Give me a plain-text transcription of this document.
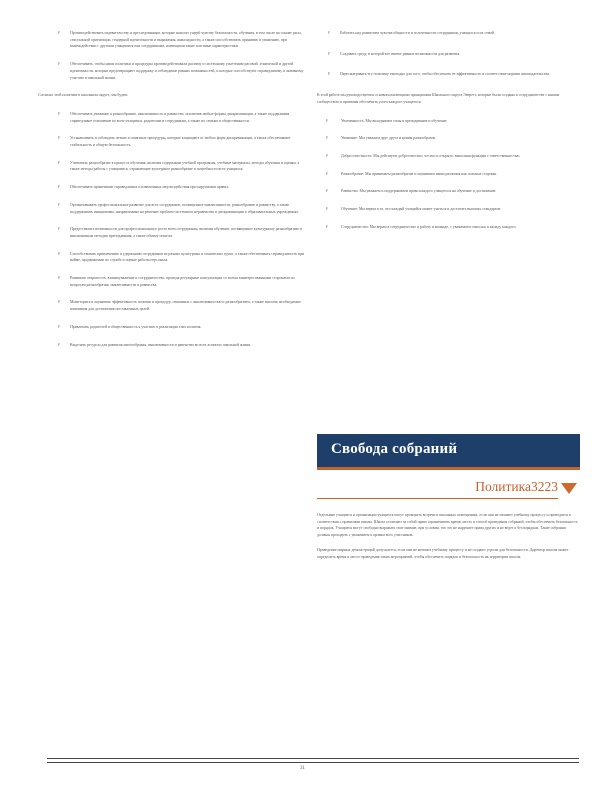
F	Противодействовать издевательству и преследованиям, которые наносят ущерб чувству безопасности, обучения, в том числе на основе расы, сексуальной ориентации, гендерной идентичности и выражения, инвалидности, а также способствовать принятию и уважению, при взаимодействии с другими учащимися или сотрудниками, имеющими такие или иные характеристики.
F	Обеспечивать, чтобы наши политики и процедуры противодействовали расизму и системному угнетению расовой, этнической и другой идентичности, которые предотвращают поддержку и соблюдение равных возможностей, и которые способствуют справедливому и активному участию в школьной жизни.
Согласно этой политике в школьном округе, мы будем:
F	Обеспечивать уважение к разнообразию, инклюзивность и равенство, исключив любые формы дискриминации, а также поддерживая справедливое отношение ко всем учащимся, родителям и сотрудникам, а также их семьям и общественности.
F	Устанавливать и соблюдать четкие и понятные процедуры, которые защищают от любых форм дискриминации, а также обеспечивают стабильность и общую безопасность.
F	Учитывать разнообразие в процессе обучения, включая содержание учебной программы, учебные материалы, методы обучения и оценки, а также методы работы с учащимися, отражающие культурное разнообразие и потребности всех учащихся.
F	Обеспечивать применение справедливых и взвешенных мер воздействия при нарушении правил.
F	Организовывать профессиональное развитие для всех сотрудников, посвященное инклюзивности, разнообразию и равенству, а также поддерживать инициативы, направленные на решение проблем системного неравенства и дискриминации в образовательных учреждениях.
F	Предоставлять возможности для профессионального роста всем сотрудникам, включая обучение, посвященное культурному разнообразию и инклюзивным методам преподавания, а также обмену опытом.
F	Способствовать привлечению и удержанию сотрудников из разных культурных и этнических групп, а также обеспечивать справедливость при найме, продвижении по службе и оценке работы персонала.
F	Развивать открытость, взаимоуважение и сотрудничество, проводя регулярные консультации со всеми заинтересованными сторонами по вопросам разнообразия, инклюзивности и равенства.
F	Мониторить и оценивать эффективность политик и процедур, связанных с инклюзивностью и разнообразием, а также вносить необходимые изменения для достижения поставленных целей.
F	Привлекать родителей и общественность к участию в реализации этих политик.
F	Выделять ресурсы для развития многообразия, инклюзивности и равенства во всех аспектах школьной жизни.
F	Работать над развитием чувства общности и сплоченности сотрудников, учащихся и их семей.
F	Создавать среду, в которой все имеют равные возможности для развития.
F	Пересматривать эту политику ежегодно для того, чтобы обеспечить ее эффективность и соответствие нормам законодательства.
В этой работе мы руководствуемся основополагающими принципами Школьного округа Эверетт, которые были созданы в сотрудничестве с нашим сообществом и призваны обеспечить успех каждого учащегося:
F	Увлеченность: Мы вкладываем силы в преподавание и обучение.
F	Уважение: Мы уважаем друг друга и ценим разнообразие.
F	Добросовестность: Мы действуем добросовестно, честно и открыто, выполняя функции с ответственностью.
F	Разнообразие: Мы принимаем разнообразие и оцениваем наши различия как сильные стороны.
F	Равенство: Мы уважаем и поддерживаем право каждого учащегося на обучение и достижение.
F	Обучение: Мы верим в то, что каждый учащийся может учиться и достигать высоких стандартов.
F	Сотрудничество: Мы верим в сотрудничество и работу в команде, с уважением относясь к вкладу каждого.
Свобода собраний
Политика3223
Отдельные учащиеся и организации учащихся могут проводить встречи в школьных помещениях, если они не мешают учебному процессу и проводятся в соответствии с правилами школы. Школа оставляет за собой право ограничивать время, место и способ проведения собраний, чтобы обеспечить безопасность и порядок. Учащиеся могут свободно выражать свое мнение, при условии, что это не нарушает права других и не ведет к беспорядкам. Такие собрания должны проходить с уважением к правам всех участников.
Проведение мирных демонстраций допускается, если они не мешают учебному процессу и не создают угрозы для безопасности. Директор школы может определить время и место проведения таких мероприятий, чтобы обеспечить порядок и безопасность на территории школы.
31
